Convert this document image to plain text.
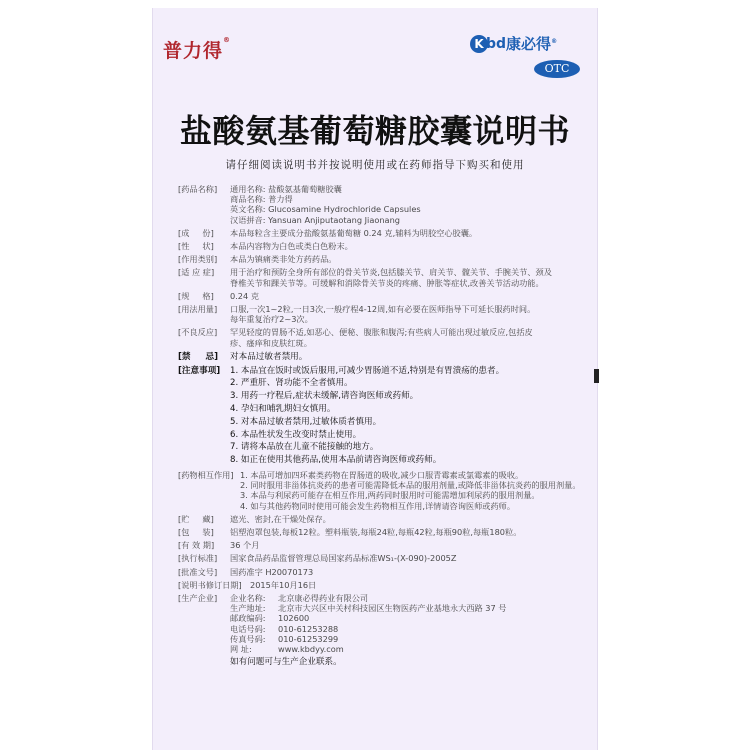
普力得®	K bd康必得®
OTC
盐酸氨基葡萄糖胶囊说明书
请仔细阅读说明书并按说明使用或在药师指导下购买和使用
[药品名称]	通用名称: 盐酸氨基葡萄糖胶囊
商品名称: 普力得
英文名称: Glucosamine Hydrochloride Capsules
汉语拼音: Yansuan Anjiputaotang Jiaonang
[成     份]	本品每粒含主要成分盐酸氨基葡萄糖 0.24 克,辅料为明胶空心胶囊。
[性     状]	本品内容物为白色或类白色粉末。
[作用类别]	本品为镇痛类非处方药药品。
[适 应 症]	用于治疗和预防全身所有部位的骨关节炎,包括膝关节、肩关节、髋关节、手腕关节、颈及
脊椎关节和踝关节等。可缓解和消除骨关节炎的疼痛、肿胀等症状,改善关节活动功能。
[规     格]	0.24 克
[用法用量]	口服,一次1~2粒,一日3次,一般疗程4-12周,如有必要在医师指导下可延长服药时间。
每年重复治疗2~3次。
[不良反应]	罕见轻度的胃肠不适,如恶心、便秘、腹胀和腹泻;有些病人可能出现过敏反应,包括皮
疹、瘙痒和皮肤红斑。
[禁     忌]	对本品过敏者禁用。
[注意事项]	1. 本品宜在饭时或饭后服用,可减少胃肠道不适,特别是有胃溃疡的患者。
2. 严重肝、肾功能不全者慎用。
3. 用药一疗程后,症状未缓解,请咨询医师或药师。
4. 孕妇和哺乳期妇女慎用。
5. 对本品过敏者禁用,过敏体质者慎用。
6. 本品性状发生改变时禁止使用。
7. 请将本品放在儿童不能接触的地方。
8. 如正在使用其他药品,使用本品前请咨询医师或药师。
[药物相互作用] 1. 本品可增加四环素类药物在胃肠道的吸收,减少口服青霉素或氯霉素的吸收。
2. 同时服用非甾体抗炎药的患者可能需降低本品的服用剂量,或降低非甾体抗炎药的服用剂量。
3. 本品与利尿药可能存在相互作用,两药同时服用时可能需增加利尿药的服用剂量。
4. 如与其他药物同时使用可能会发生药物相互作用,详情请咨询医师或药师。
[贮     藏]	遮光、密封,在干燥处保存。
[包     装]	铝塑泡罩包装,每板12粒。塑料瓶装,每瓶24粒,每瓶42粒,每瓶90粒,每瓶180粒。
[有 效 期]	36 个月
[执行标准]	国家食品药品监督管理总局国家药品标准WS₁-(X-090)-2005Z
[批准文号]	国药准字 H20070173
[说明书修订日期]	2015年10月16日
[生产企业]	企业名称: 北京康必得药业有限公司
生产地址: 北京市大兴区中关村科技园区生物医药产业基地永大西路 37 号
邮政编码: 102600
电话号码: 010-61253288
传真号码: 010-61253299
网 址:	www.kbdyy.com
如有问题可与生产企业联系。
